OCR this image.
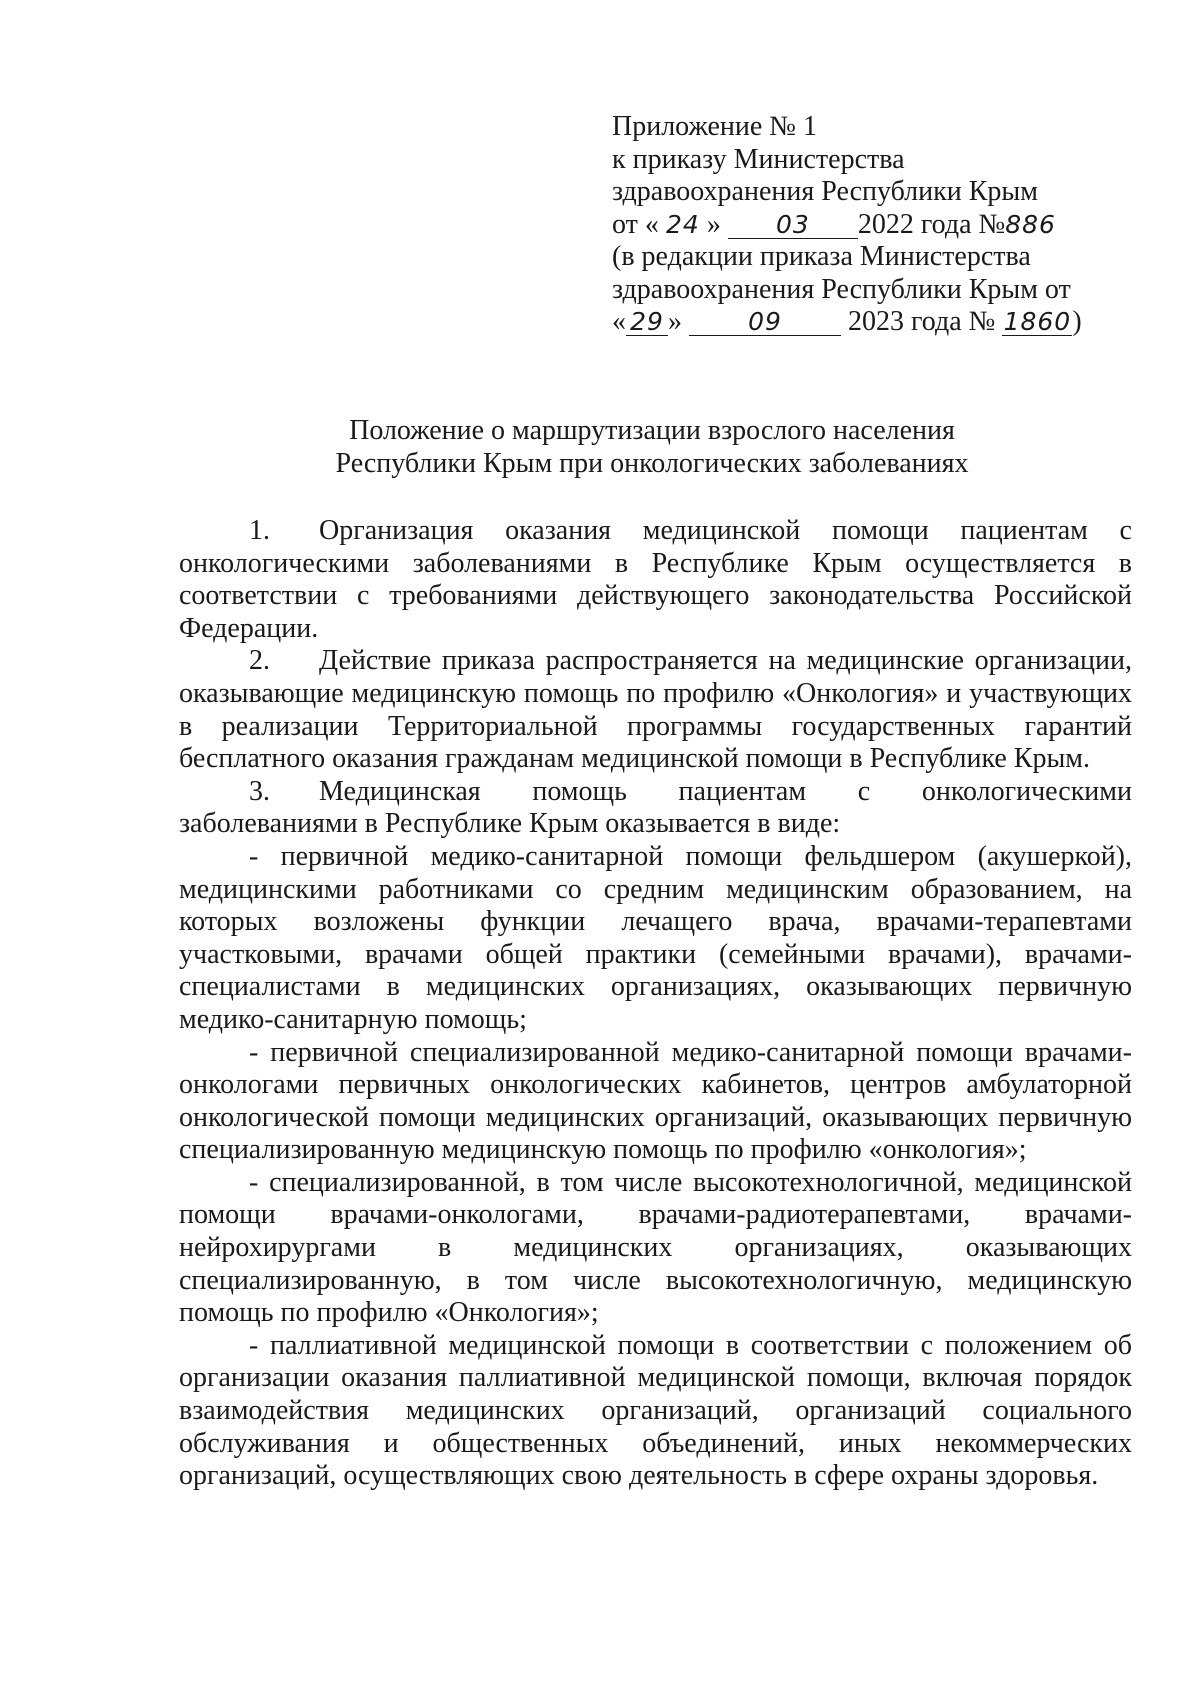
Приложение № 1
к приказу Министерства
здравоохранения Республики Крым
от « 24 » 03 2022 года №886
(в редакции приказа Министерства
здравоохранения Республики Крым от
« 29 »	09 2023 года № 1860)
Положение о маршрутизации взрослого населения
Республики Крым при онкологических заболеваниях

1. Организация оказания медицинской помощи пациентам с онкологическими заболеваниями в Республике Крым осуществляется в соответствии с требованиями действующего законодательства Российской Федерации.

2. Действие приказа распространяется на медицинские организации, оказывающие медицинскую помощь по профилю «Онкология» и участвующих в реализации Территориальной программы государственных гарантий бесплатного оказания гражданам медицинской помощи в Республике Крым.

3. Медицинская помощь пациентам с онкологическими заболеваниями в Республике Крым оказывается в виде:

- первичной медико-санитарной помощи фельдшером (акушеркой), медицинскими работниками со средним медицинским образованием, на которых возложены функции лечащего врача, врачами-терапевтами участковыми, врачами общей практики (семейными врачами), врачами-специалистами в медицинских организациях, оказывающих первичную медико-санитарную помощь;

- первичной специализированной медико-санитарной помощи врачами-онкологами первичных онкологических кабинетов, центров амбулаторной онкологической помощи медицинских организаций, оказывающих первичную специализированную медицинскую помощь по профилю «онкология»;

- специализированной, в том числе высокотехнологичной, медицинской помощи врачами-онкологами, врачами-радиотерапевтами, врачами-нейрохирургами в медицинских организациях, оказывающих специализированную, в том числе высокотехнологичную, медицинскую помощь по профилю «Онкология»;

- паллиативной медицинской помощи в соответствии с положением об организации оказания паллиативной медицинской помощи, включая порядок взаимодействия медицинских организаций, организаций социального обслуживания и общественных объединений, иных некоммерческих организаций, осуществляющих свою деятельность в сфере охраны здоровья.
